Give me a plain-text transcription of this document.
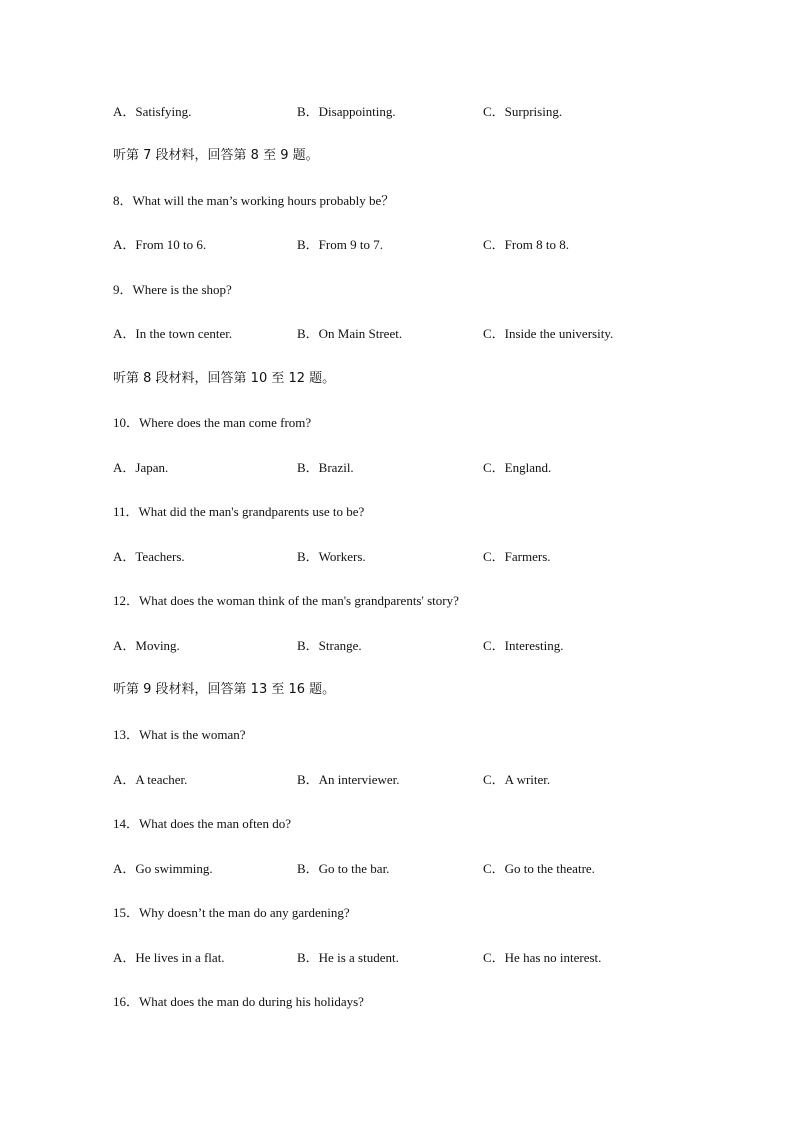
A．Satisfying.	B．Disappointing.	C．Surprising.
听第 7 段材料，回答第 8 至 9 题。
8．What will the man’s working hours probably be？
A．From 10 to 6.	B．From 9 to 7.	C．From 8 to 8.
9．Where is the shop?
A．In the town center.	B．On Main Street.	C．Inside the university.
听第 8 段材料，回答第 10 至 12 题。
10．Where does the man come from?
A．Japan.	B．Brazil.	C．England.
11．What did the man's grandparents use to be?
A．Teachers.	B．Workers.	C．Farmers.
12．What does the woman think of the man's grandparents' story?
A．Moving.	B．Strange.	C．Interesting.
听第 9 段材料，回答第 13 至 16 题。
13．What is the woman?
A．A teacher.	B．An interviewer.	C．A writer.
14．What does the man often do?
A．Go swimming.	B．Go to the bar.	C．Go to the theatre.
15．Why doesn’t the man do any gardening?
A．He lives in a flat.	B．He is a student.	C．He has no interest.
16．What does the man do during his holidays?
